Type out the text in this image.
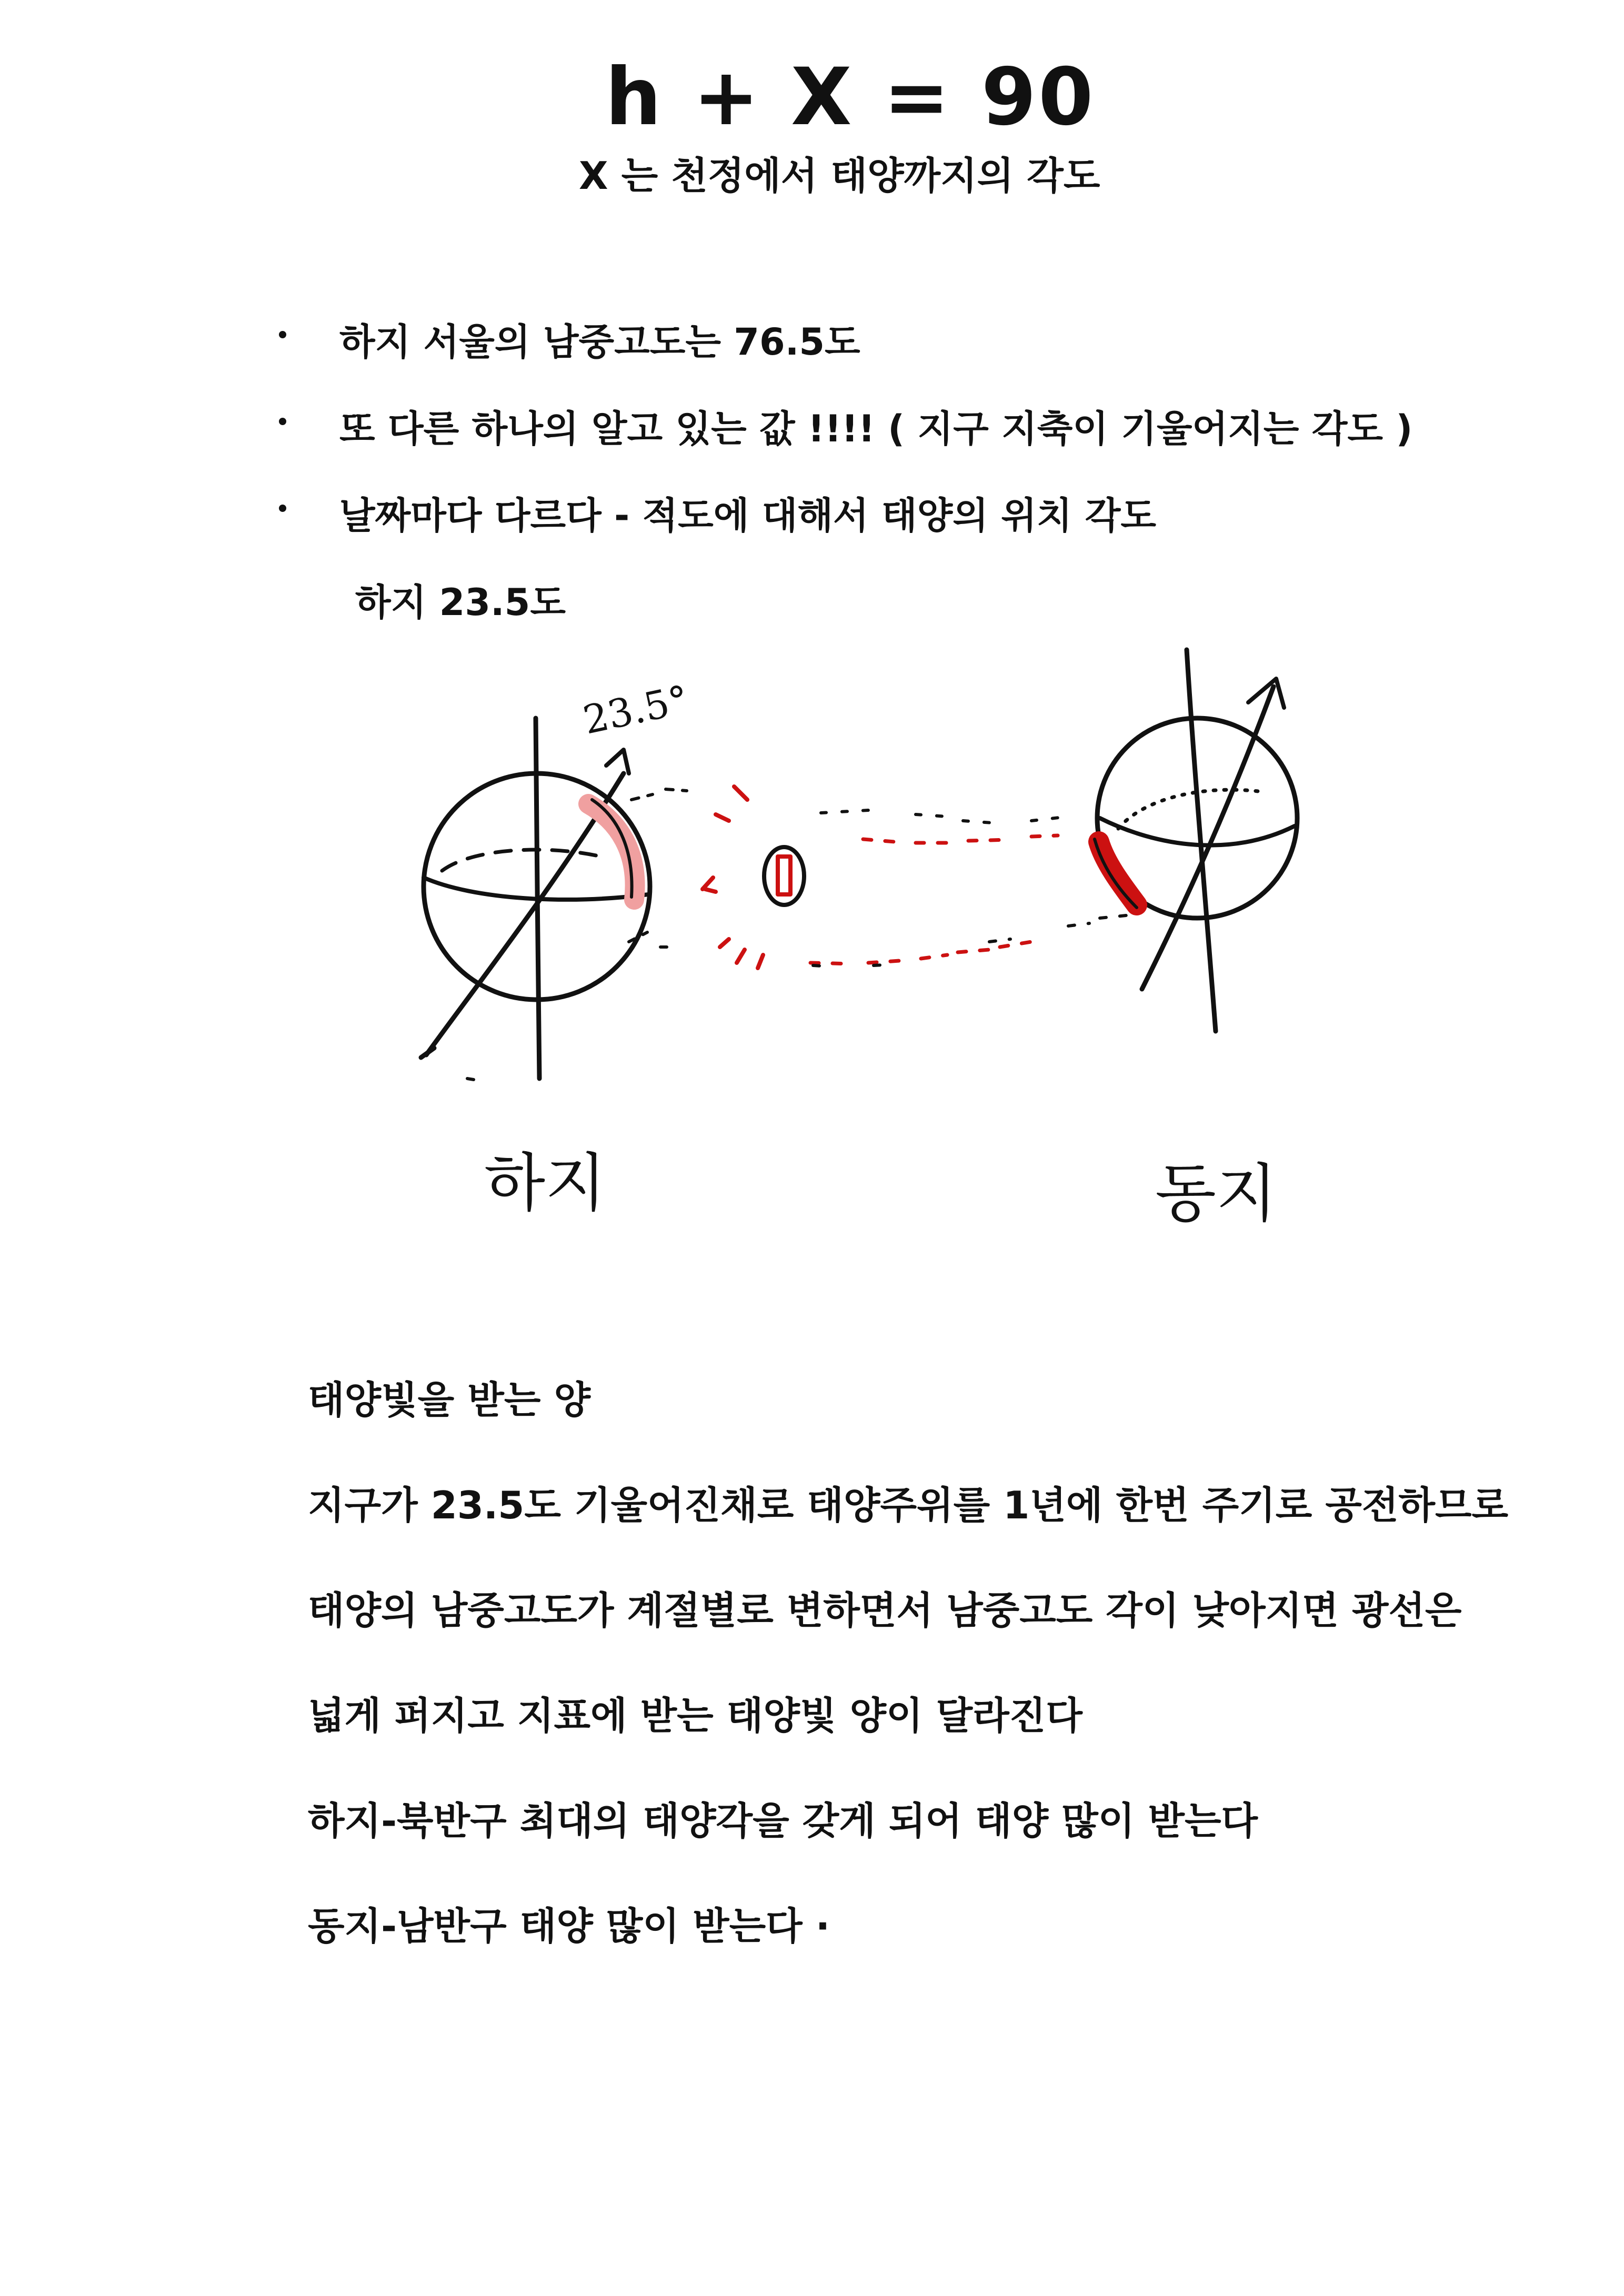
h + X = 90
X 는 천정에서 태양까지의 각도
하지 서울의 남중고도는 76.5도
또 다른 하나의 알고 있는 값 !!!! ( 지구 지축이 기울어지는 각도 )
날짜마다 다르다 - 적도에 대해서 태양의 위치 각도
하지 23.5도
23.5°
하지	동지
태양빛을 받는 양
지구가 23.5도 기울어진채로 태양주위를 1년에 한번 주기로 공전하므로
태양의 남중고도가 계절별로 변하면서 남중고도 각이 낮아지면 광선은
넓게 퍼지고 지표에 받는 태양빛 양이 달라진다
하지-북반구 최대의 태양각을 갖게 되어 태양 많이 받는다
동지-남반구 태양 많이 받는다 ·
